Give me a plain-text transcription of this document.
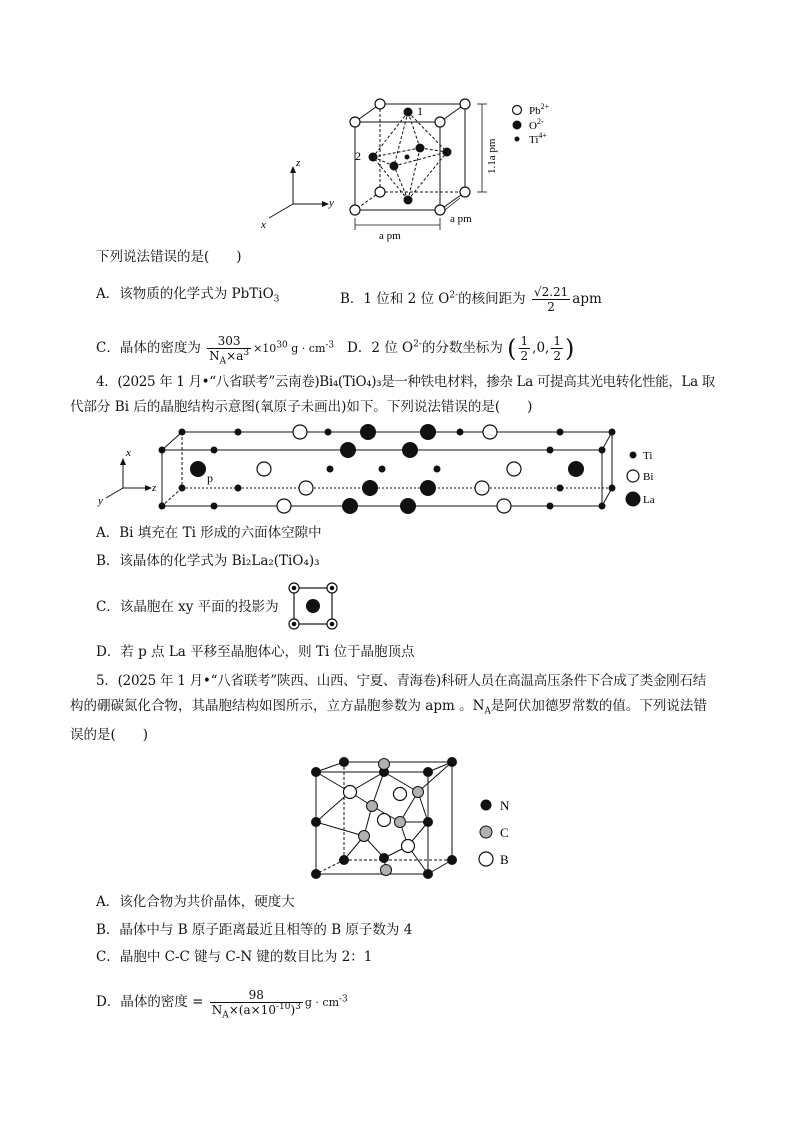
1
2	1.1a pm
a pm
a pm
z
y
x
$Pb^{2+}$
$O^{2-}$
$Ti^{4+}$
下列说法错误的是(　　)
A．该物质的化学式为 PbTiO$_3$	B．1 位和 2 位 $O^{2-}$的核间距为 $\frac{√2.21}{2}$ apm
C．晶体的密度为 $\frac{303}{N_A\times a^3} \times 10^{30}$ $g \cdot cm^{-3}$ D．2 位 $O^{2-}$的分数坐标为 ( $\frac{1}{2} ,0$, $\frac{1}{2}$ )
4．(2025 年 1 月•“八省联考”云南卷)Bi₄(TiO₄)₃是一种铁电材料，掺杂 La 可提高其光电转化性能，La 取
代部分 Bi 后的晶胞结构示意图(氧原子未画出)如下。下列说法错误的是(　　)
p
x
z
y
Ti
Bi
La
A．Bi 填充在 Ti 形成的六面体空隙中
B．该晶体的化学式为 Bi₂La₂(TiO₄)₃
C．该晶胞在 xy 平面的投影为
D．若 p 点 La 平移至晶胞体心，则 Ti 位于晶胞顶点
5．(2025 年 1 月•“八省联考”陕西、山西、宁夏、青海卷)科研人员在高温高压条件下合成了类金刚石结
构的硼碳氮化合物，其晶胞结构如图所示，立方晶胞参数为 apm 。$N_A$是阿伏加德罗常数的值。下列说法错
误的是(　　)
N
C
B
A．该化合物为共价晶体，硬度大
B．晶体中与 B 原子距离最近且相等的 B 原子数为 4
C．晶胞中 C-C 键与 C-N 键的数目比为 2：1
D．晶体的密度 = $\frac{98}{N_A\times(a\times 10^{-10})^3}$ $g \cdot cm^{-3}$
